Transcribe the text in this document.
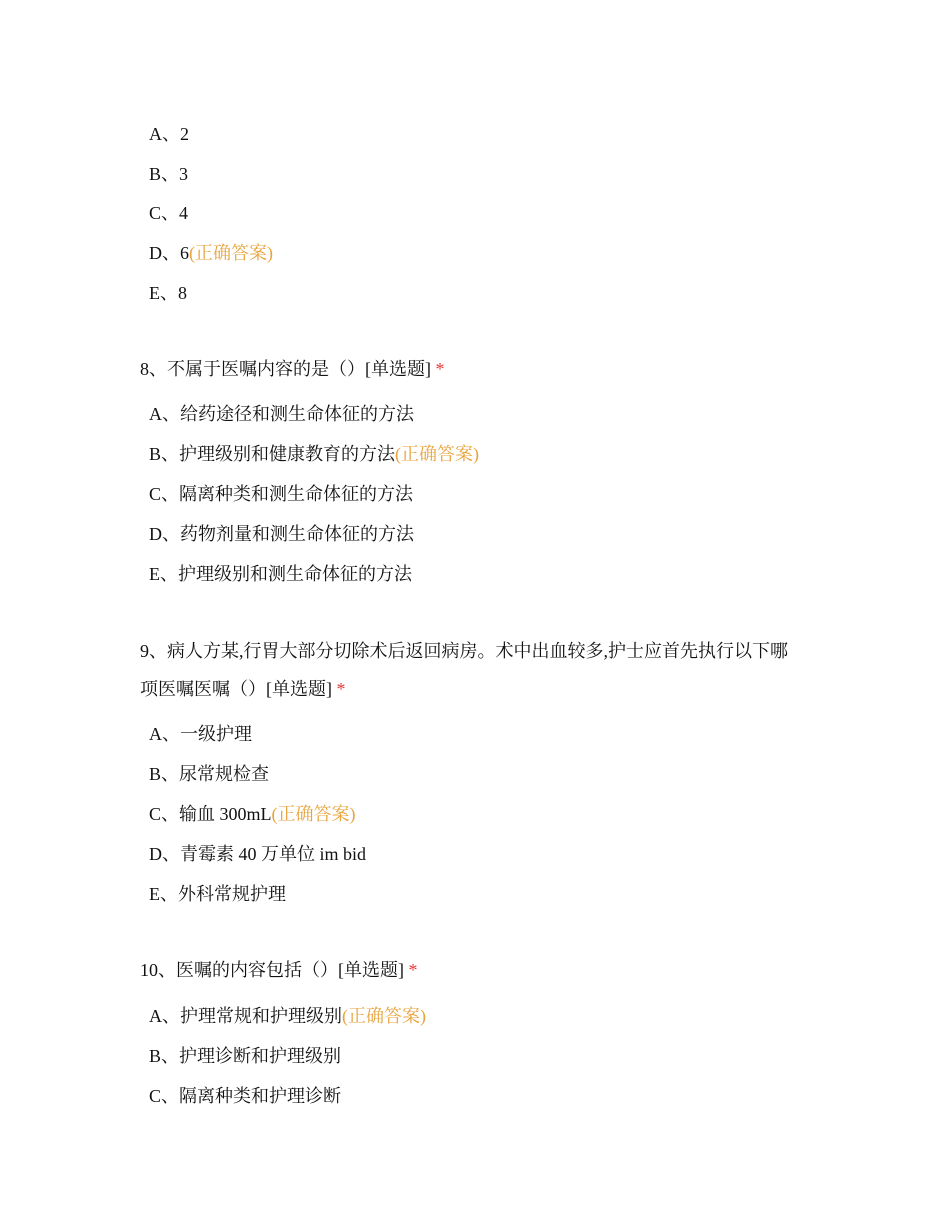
A、2
B、3
C、4
D、6(正确答案)
E、8
8、不属于医嘱内容的是（）[单选题] *
A、给药途径和测生命体征的方法
B、护理级别和健康教育的方法(正确答案)
C、隔离种类和测生命体征的方法
D、药物剂量和测生命体征的方法
E、护理级别和测生命体征的方法
9、病人方某,行胃大部分切除术后返回病房。术中出血较多,护士应首先执行以下哪
项医嘱医嘱（）[单选题] *
A、一级护理
B、尿常规检查
C、输血 300mL(正确答案)
D、青霉素 40 万单位 im bid
E、外科常规护理
10、医嘱的内容包括（）[单选题] *
A、护理常规和护理级别(正确答案)
B、护理诊断和护理级别
C、隔离种类和护理诊断
